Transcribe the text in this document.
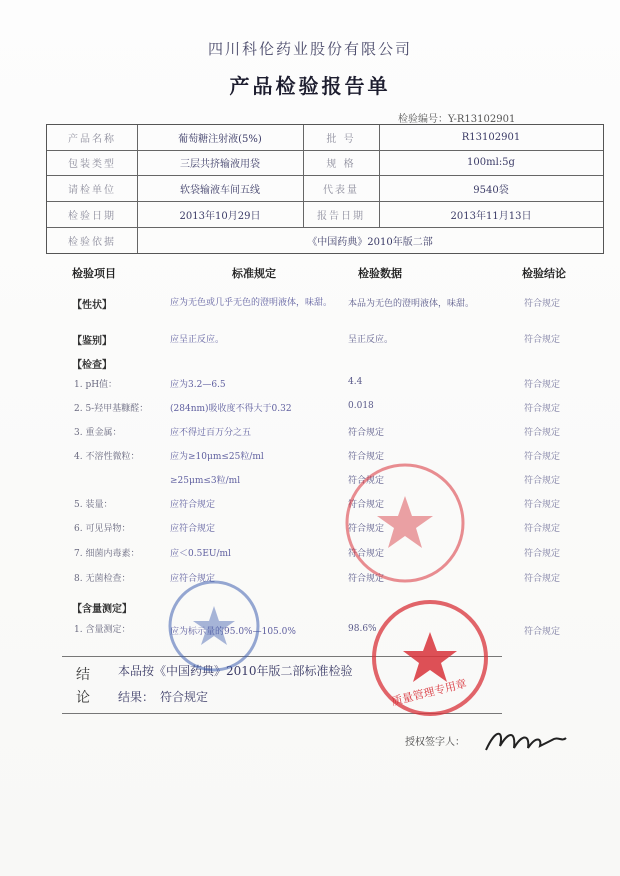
四川科伦药业股份有限公司
产品检验报告单
检验编号：Y-R13102901
产品名称	葡萄糖注射液(5%)	批 号	R13102901
包装类型	三层共挤输液用袋	规 格	100ml:5g
请检单位	软袋输液车间五线	代表量	9540袋
检验日期	2013年10月29日	报告日期	2013年11月13日
检验依据	《中国药典》2010年版二部
检验项目	标准规定	检验数据	检验结论
【性状】	应为无色或几乎无色的澄明液体，味甜。	本品为无色的澄明液体，味甜。	符合规定
【鉴别】	应呈正反应。	呈正反应。	符合规定
【检查】
1. pH值：	应为3.2—6.5	4.4	符合规定
2. 5-羟甲基糠醛： (284nm)吸收度不得大于0.32	0.018	符合规定
3. 重金属：	应不得过百万分之五	符合规定	符合规定
4. 不溶性微粒：	应为≥10μm≤25粒/ml	符合规定	符合规定
≥25μm≤3粒/ml	符合规定	符合规定
5. 装量：	应符合规定	符合规定	符合规定
6. 可见异物：	应符合规定	符合规定	符合规定
7. 细菌内毒素：	应＜0.5EU/ml	符合规定	符合规定
8. 无菌检查：	应符合规定	符合规定	符合规定
【含量测定】
1. 含量测定：	应为标示量的95.0%—105.0%	98.6%	符合规定
结
论
本品按《中国药典》2010年版二部标准检验
结果： 符合规定	质量管理专用章
授权签字人：
